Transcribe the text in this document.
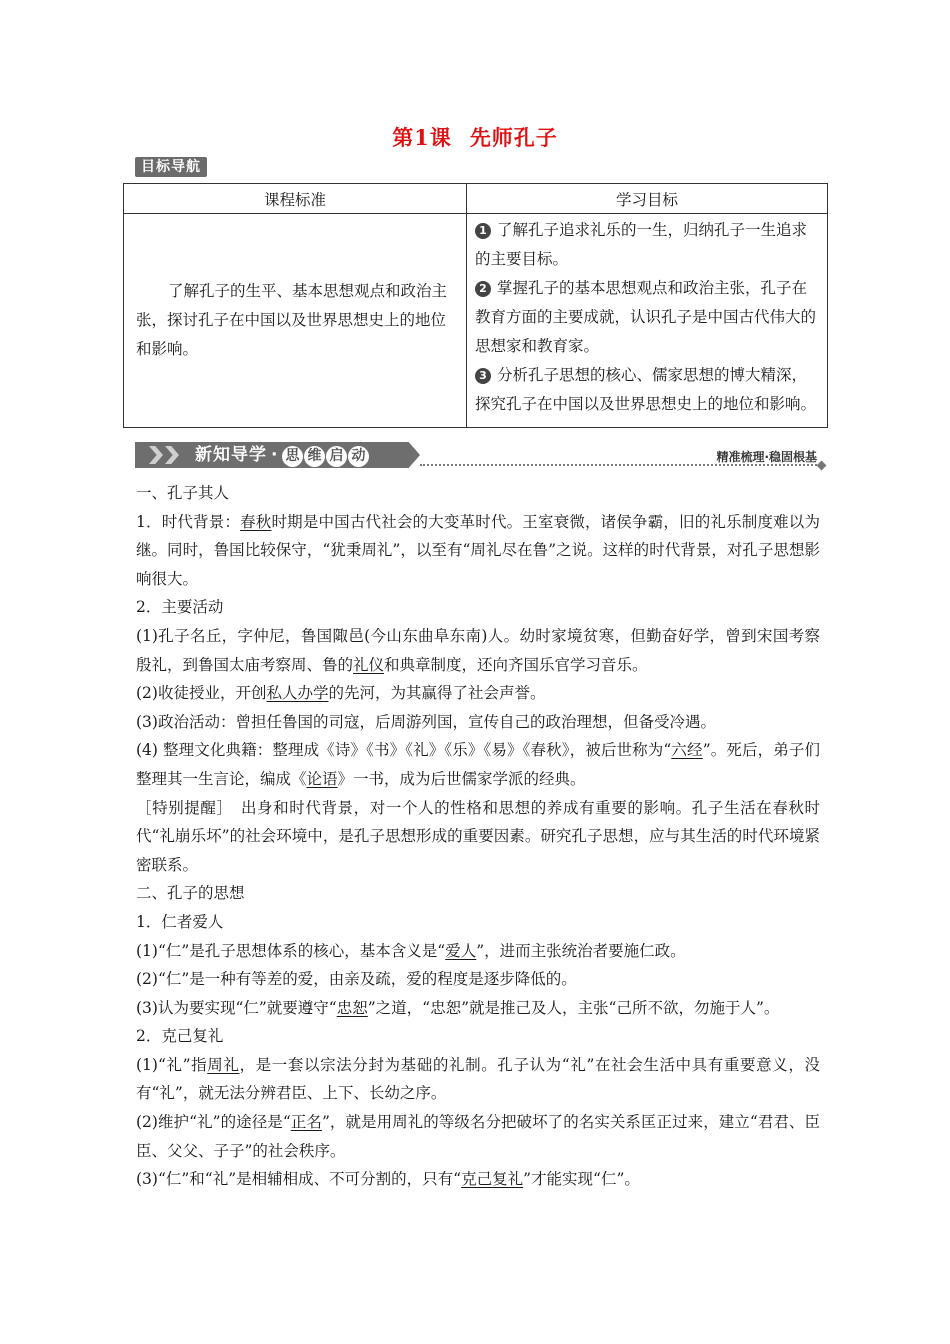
第1课 先师孔子
目标导航
课程标准	学习目标
了解孔子的生平、基本思想观点和政治主张，探讨孔子在中国以及世界思想史上的地位和影响。	1 了解孔子追求礼乐的一生，归纳孔子一生追求的主要目标。

2 掌握孔子的基本思想观点和政治主张，孔子在教育方面的主要成就，认识孔子是中国古代伟大的思想家和教育家。

3 分析孔子思想的核心、儒家思想的博大精深，探究孔子在中国以及世界思想史上的地位和影响。

新知导学 · 思 维 启 动	精准梳理·稳固根基

一、孔子其人

1．时代背景：春秋时期是中国古代社会的大变革时代。王室衰微，诸侯争霸，旧的礼乐制度难以为继。同时，鲁国比较保守，“犹秉周礼”，以至有“周礼尽在鲁”之说。这样的时代背景，对孔子思想影响很大。

2．主要活动

(1)孔子名丘，字仲尼，鲁国陬邑(今山东曲阜东南)人。幼时家境贫寒，但勤奋好学，曾到宋国考察殷礼，到鲁国太庙考察周、鲁的礼仪和典章制度，还向齐国乐官学习音乐。

(2)收徒授业，开创私人办学的先河，为其赢得了社会声誉。

(3)政治活动：曾担任鲁国的司寇，后周游列国，宣传自己的政治理想，但备受冷遇。

(4) 整理文化典籍：整理成《诗》《书》《礼》《乐》《易》《春秋》，被后世称为“六经”。死后，弟子们整理其一生言论，编成《论语》一书，成为后世儒家学派的经典。

［特别提醒］　出身和时代背景，对一个人的性格和思想的养成有重要的影响。孔子生活在春秋时代“礼崩乐坏”的社会环境中，是孔子思想形成的重要因素。研究孔子思想，应与其生活的时代环境紧密联系。

二、孔子的思想

1．仁者爱人

(1)“仁”是孔子思想体系的核心，基本含义是“爱人”，进而主张统治者要施仁政。

(2)“仁”是一种有等差的爱，由亲及疏，爱的程度是逐步降低的。

(3)认为要实现“仁”就要遵守“忠恕”之道，“忠恕”就是推己及人，主张“己所不欲，勿施于人”。

2．克己复礼

(1)“礼”指周礼，是一套以宗法分封为基础的礼制。孔子认为“礼”在社会生活中具有重要意义，没有“礼”，就无法分辨君臣、上下、长幼之序。

(2)维护“礼”的途径是“正名”，就是用周礼的等级名分把破坏了的名实关系匡正过来，建立“君君、臣臣、父父、子子”的社会秩序。

(3)“仁”和“礼”是相辅相成、不可分割的，只有“克己复礼”才能实现“仁”。
